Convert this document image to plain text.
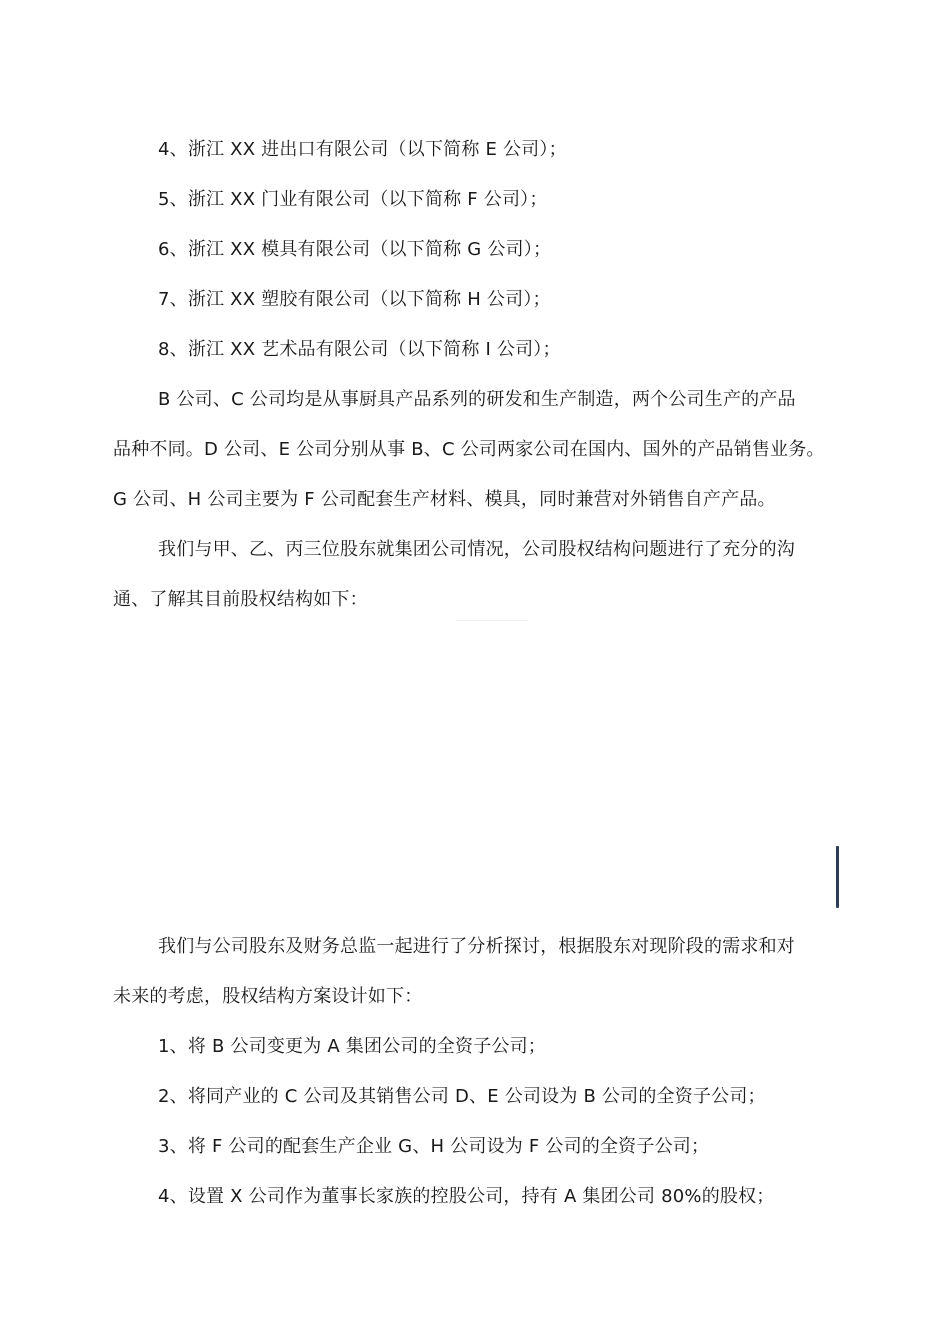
4、浙江 XX 进出口有限公司（以下简称 E 公司）；
5、浙江 XX 门业有限公司（以下简称 F 公司）；
6、浙江 XX 模具有限公司（以下简称 G 公司）；
7、浙江 XX 塑胶有限公司（以下简称 H 公司）；
8、浙江 XX 艺术品有限公司（以下简称 I 公司）；
B 公司、C 公司均是从事厨具产品系列的研发和生产制造，两个公司生产的产品
品种不同。D 公司、E 公司分别从事 B、C 公司两家公司在国内、国外的产品销售业务。
G 公司、H 公司主要为 F 公司配套生产材料、模具，同时兼营对外销售自产产品。
我们与甲、乙、丙三位股东就集团公司情况，公司股权结构问题进行了充分的沟
通、了解其目前股权结构如下：
我们与公司股东及财务总监一起进行了分析探讨，根据股东对现阶段的需求和对
未来的考虑，股权结构方案设计如下：
1、将 B 公司变更为 A 集团公司的全资子公司；
2、将同产业的 C 公司及其销售公司 D、E 公司设为 B 公司的全资子公司；
3、将 F 公司的配套生产企业 G、H 公司设为 F 公司的全资子公司；
4、设置 X 公司作为董事长家族的控股公司，持有 A 集团公司 80%的股权；
